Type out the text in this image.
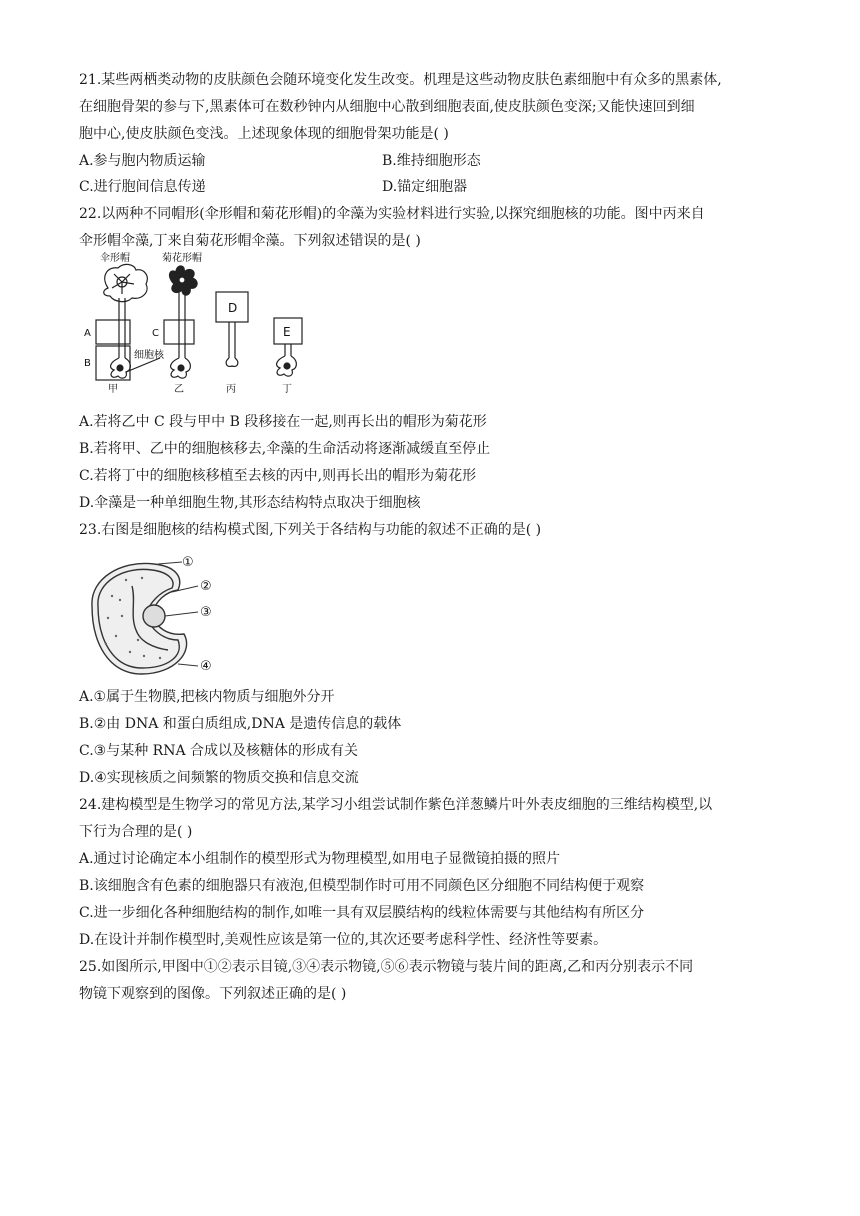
21.某些两栖类动物的皮肤颜色会随环境变化发生改变。机理是这些动物皮肤色素细胞中有众多的黑素体,
在细胞骨架的参与下,黑素体可在数秒钟内从细胞中心散到细胞表面,使皮肤颜色变深;又能快速回到细
胞中心,使皮肤颜色变浅。上述现象体现的细胞骨架功能是( )
A.参与胞内物质运输	B.维持细胞形态
C.进行胞间信息传递	D.锚定细胞器
22.以两种不同帽形(伞形帽和菊花形帽)的伞藻为实验材料进行实验,以探究细胞核的功能。图中丙来自
伞形帽伞藻,丁来自菊花形帽伞藻。下列叙述错误的是( )
伞形帽	菊花形帽
A
B
C
D
E
细胞核
甲	乙	丙	丁
A.若将乙中 C 段与甲中 B 段移接在一起,则再长出的帽形为菊花形
B.若将甲、乙中的细胞核移去,伞藻的生命活动将逐渐减缓直至停止
C.若将丁中的细胞核移植至去核的丙中,则再长出的帽形为菊花形
D.伞藻是一种单细胞生物,其形态结构特点取决于细胞核
23.右图是细胞核的结构模式图,下列关于各结构与功能的叙述不正确的是( )
①
②
③
④
A.①属于生物膜,把核内物质与细胞外分开
B.②由 DNA 和蛋白质组成,DNA 是遗传信息的载体
C.③与某种 RNA 合成以及核糖体的形成有关
D.④实现核质之间频繁的物质交换和信息交流
24.建构模型是生物学习的常见方法,某学习小组尝试制作紫色洋葱鳞片叶外表皮细胞的三维结构模型,以
下行为合理的是( )
A.通过讨论确定本小组制作的模型形式为物理模型,如用电子显微镜拍摄的照片
B.该细胞含有色素的细胞器只有液泡,但模型制作时可用不同颜色区分细胞不同结构便于观察
C.进一步细化各种细胞结构的制作,如唯一具有双层膜结构的线粒体需要与其他结构有所区分
D.在设计并制作模型时,美观性应该是第一位的,其次还要考虑科学性、经济性等要素。
25.如图所示,甲图中①②表示目镜,③④表示物镜,⑤⑥表示物镜与装片间的距离,乙和丙分别表示不同
物镜下观察到的图像。下列叙述正确的是( )
